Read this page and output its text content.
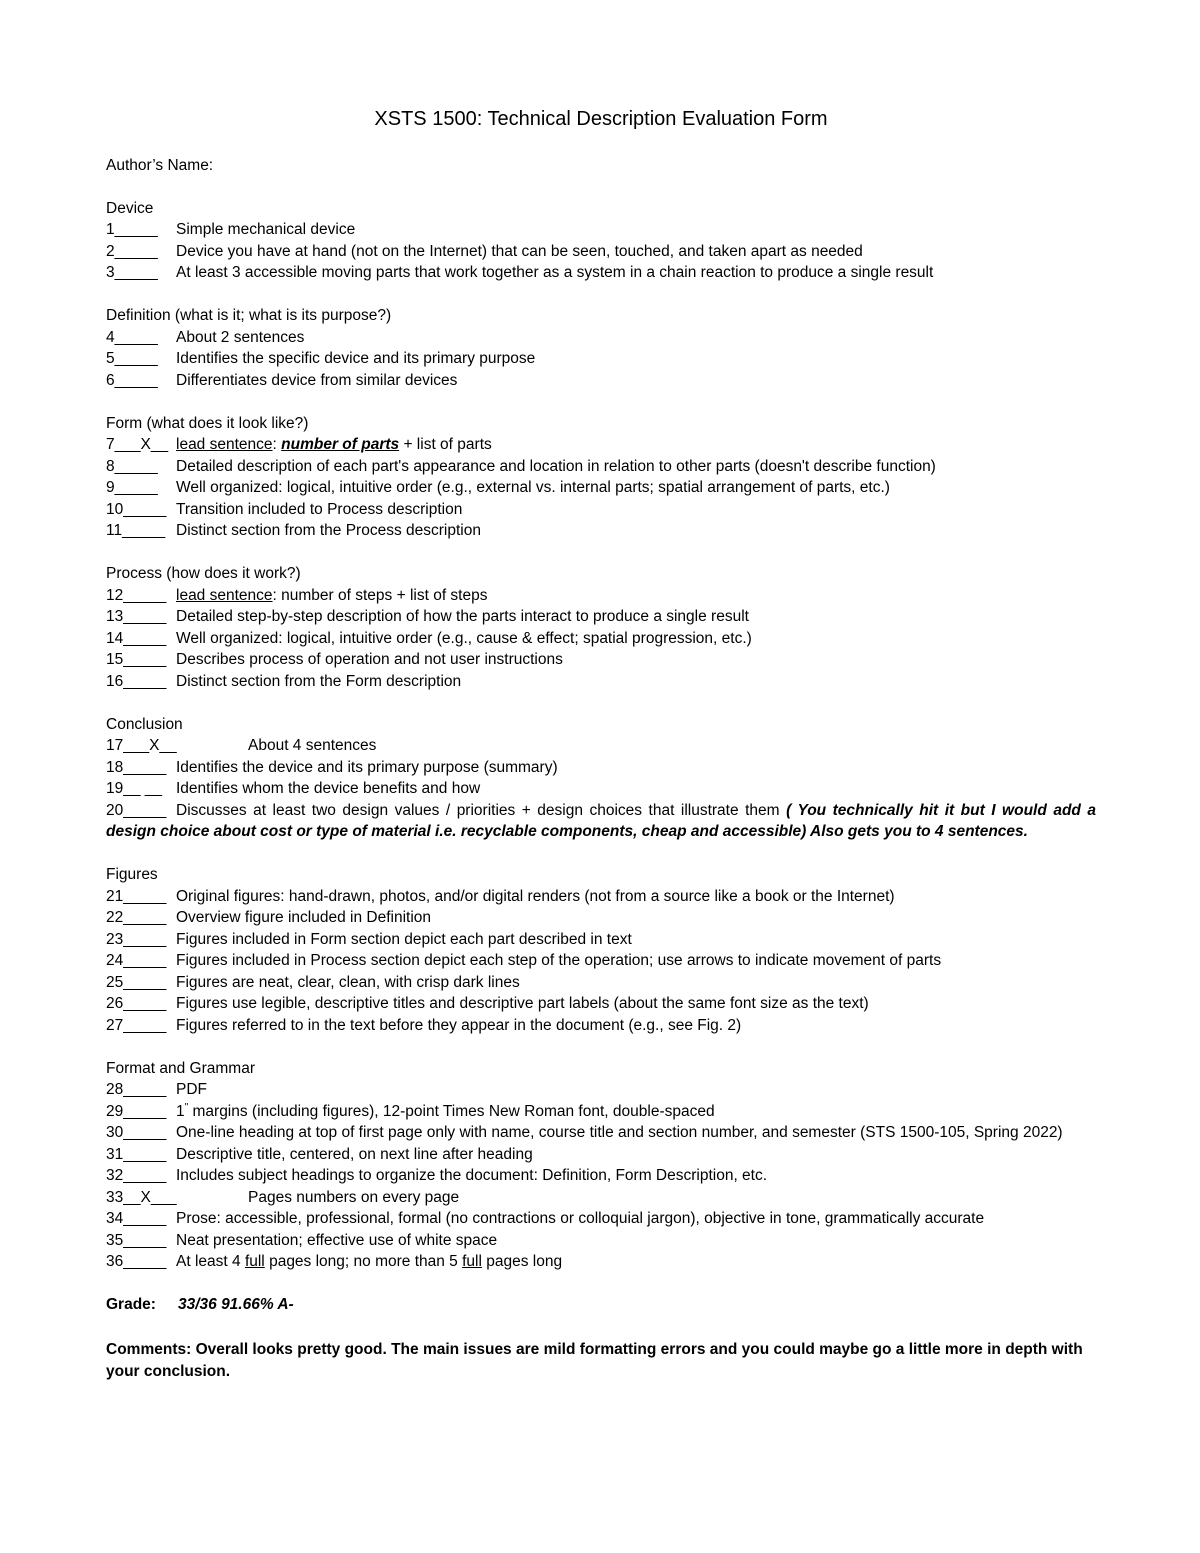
XSTS 1500: Technical Description Evaluation Form
Author’s Name:
Device
1_____ Simple mechanical device
2_____ Device you have at hand (not on the Internet) that can be seen, touched, and taken apart as needed
3_____ At least 3 accessible moving parts that work together as a system in a chain reaction to produce a single result
Definition (what is it; what is its purpose?)
4_____ About 2 sentences
5_____ Identifies the specific device and its primary purpose
6_____ Differentiates device from similar devices
Form (what does it look like?)
7___X__ lead sentence: number of parts + list of parts
8_____ Detailed description of each part's appearance and location in relation to other parts (doesn't describe function)
9_____ Well organized: logical, intuitive order (e.g., external vs. internal parts; spatial arrangement of parts, etc.)
10_____ Transition included to Process description
11_____ Distinct section from the Process description
Process (how does it work?)
12_____ lead sentence: number of steps + list of steps
13_____ Detailed step-by-step description of how the parts interact to produce a single result
14_____ Well organized: logical, intuitive order (e.g., cause & effect; spatial progression, etc.)
15_____ Describes process of operation and not user instructions
16_____ Distinct section from the Form description
Conclusion
17___X__	About 4 sentences
18_____ Identifies the device and its primary purpose (summary)
19__ __ Identifies whom the device benefits and how
20_____ Discusses at least two design values / priorities + design choices that illustrate them ( You technically hit it but I would add a design choice about cost or type of material i.e. recyclable components, cheap and accessible) Also gets you to 4 sentences.
Figures
21_____ Original figures: hand-drawn, photos, and/or digital renders (not from a source like a book or the Internet)
22_____ Overview figure included in Definition
23_____ Figures included in Form section depict each part described in text
24_____ Figures included in Process section depict each step of the operation; use arrows to indicate movement of parts
25_____ Figures are neat, clear, clean, with crisp dark lines
26_____ Figures use legible, descriptive titles and descriptive part labels (about the same font size as the text)
27_____ Figures referred to in the text before they appear in the document (e.g., see Fig. 2)
Format and Grammar
28_____ PDF
29_____ 1" margins (including figures), 12-point Times New Roman font, double-spaced
30_____ One-line heading at top of first page only with name, course title and section number, and semester (STS 1500-105, Spring 2022)
31_____ Descriptive title, centered, on next line after heading
32_____ Includes subject headings to organize the document: Definition, Form Description, etc.
33__X___	Pages numbers on every page
34_____ Prose: accessible, professional, formal (no contractions or colloquial jargon), objective in tone, grammatically accurate
35_____ Neat presentation; effective use of white space
36_____ At least 4 full pages long; no more than 5 full pages long
Grade: 33/36 91.66% A-
Comments: Overall looks pretty good. The main issues are mild formatting errors and you could maybe go a little more in depth with your conclusion.
